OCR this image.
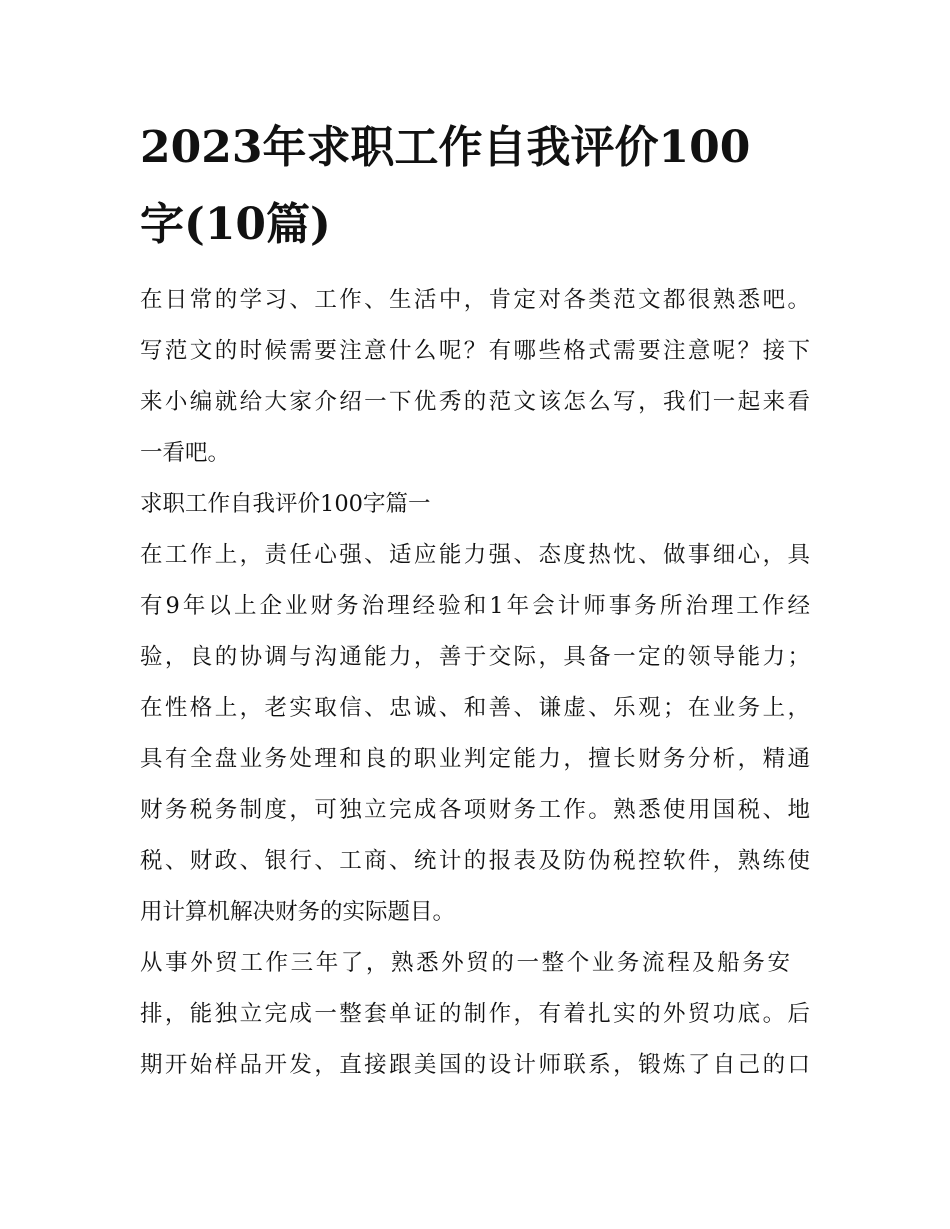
2023年求职工作自我评价100
字(10篇)
在日常的学习、工作、生活中，肯定对各类范文都很熟悉吧。
写范文的时候需要注意什么呢？有哪些格式需要注意呢？接下
来小编就给大家介绍一下优秀的范文该怎么写，我们一起来看
一看吧。
求职工作自我评价100字篇一
在工作上，责任心强、适应能力强、态度热忱、做事细心，具
有9年以上企业财务治理经验和1年会计师事务所治理工作经
验，良的协调与沟通能力，善于交际，具备一定的领导能力；
在性格上，老实取信、忠诚、和善、谦虚、乐观；在业务上，
具有全盘业务处理和良的职业判定能力，擅长财务分析，精通
财务税务制度，可独立完成各项财务工作。熟悉使用国税、地
税、财政、银行、工商、统计的报表及防伪税控软件，熟练使
用计算机解决财务的实际题目。
从事外贸工作三年了，熟悉外贸的一整个业务流程及船务安
排，能独立完成一整套单证的制作，有着扎实的外贸功底。后
期开始样品开发，直接跟美国的设计师联系，锻炼了自己的口
